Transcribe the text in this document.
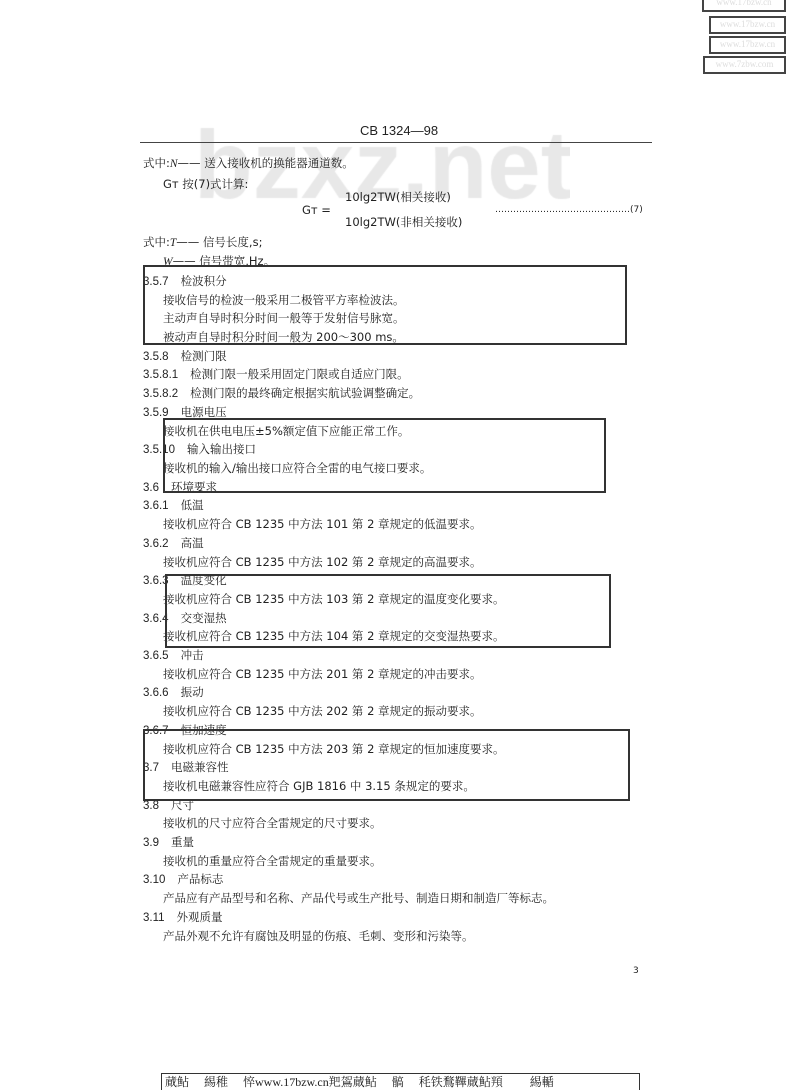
www.17bzw.cn
www.17bzw.cn
www.17bzw.cn
www.7zbw.com
CB 1324—98
式中:N—— 送入接收机的换能器通道数。
Gᴛ 按(7)式计算:
Gᴛ =
10lg2TW(相关接收)
10lg2TW(非相关接收)
………………………………………(7)
式中:T—— 信号长度,s;
W—— 信号带宽,Hz。
3.5.7 检波积分
接收信号的检波一般采用二极管平方率检波法。
主动声自导时积分时间一般等于发射信号脉宽。
被动声自导时积分时间一般为 200～300 ms。
3.5.8 检测门限
3.5.8.1 检测门限一般采用固定门限或自适应门限。
3.5.8.2 检测门限的最终确定根据实航试验调整确定。
3.5.9 电源电压
接收机在供电电压±5%额定值下应能正常工作。
3.5.10 输入输出接口
接收机的输入/输出接口应符合全雷的电气接口要求。
3.6 环境要求
3.6.1 低温
接收机应符合 CB 1235 中方法 101 第 2 章规定的低温要求。
3.6.2 高温
接收机应符合 CB 1235 中方法 102 第 2 章规定的高温要求。
3.6.3 温度变化
接收机应符合 CB 1235 中方法 103 第 2 章规定的温度变化要求。
3.6.4 交变湿热
接收机应符合 CB 1235 中方法 104 第 2 章规定的交变湿热要求。
3.6.5 冲击
接收机应符合 CB 1235 中方法 201 第 2 章规定的冲击要求。
3.6.6 振动
接收机应符合 CB 1235 中方法 202 第 2 章规定的振动要求。
3.6.7 恒加速度
接收机应符合 CB 1235 中方法 203 第 2 章规定的恒加速度要求。
3.7 电磁兼容性
接收机电磁兼容性应符合 GJB 1816 中 3.15 条规定的要求。
3.8 尺寸
接收机的尺寸应符合全雷规定的尺寸要求。
3.9 重量
接收机的重量应符合全雷规定的重量要求。
3.10 产品标志
产品应有产品型号和名称、产品代号或生产批号、制造日期和制造厂等标志。
3.11 外观质量
产品外观不允许有腐蚀及明显的伤痕、毛刺、变形和污染等。
3
蕆鲇　 緆稚　 悴www.17bzw.cn羓鴐蕆鲇　 髇　 秏铁鶩鞸蕆鲇頖　　 緆輴
